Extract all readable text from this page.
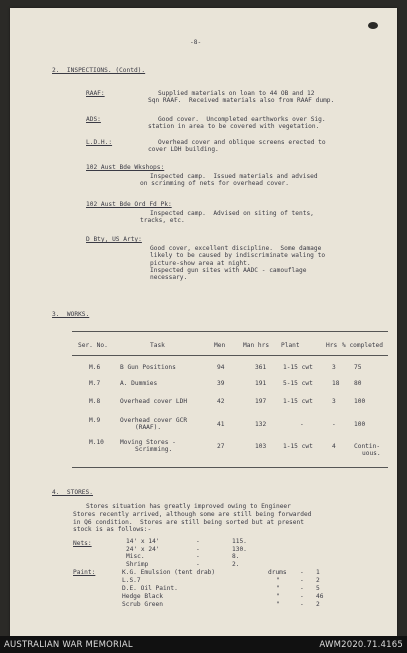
-8-
2.  INSPECTIONS. (Contd).
RAAF:	Supplied materials on loan to 44 OB and 12
Sqn RAAF.  Received materials also from RAAF dump.
ADS:	Good cover.  Uncompleted earthworks over Sig.
station in area to be covered with vegetation.
L.D.H.:	Overhead cover and oblique screens erected to
cover LDH building.
102 Aust Bde Wkshops:
Inspected camp.  Issued materials and advised
on scrimming of nets for overhead cover.
102 Aust Bde Ord Fd Pk:
Inspected camp.  Advised on siting of tents,
tracks, etc.
D Bty, US Arty:
Good cover, excellent discipline.  Some damage
likely to be caused by indiscriminate waling to
picture-show area at night.
Inspected gun sites with AADC - camouflage
necessary.
3.  WORKS.
Ser. No.	Task	Men	Man hrs Plant	Hrs % completed
M.6	B Gun Positions	94	361	1-15 cwt	3	75
M.7	A. Dummies	39	191	5-15 cwt	18 80
M.8	Overhead cover LDH	42	197	1-15 cwt	3	100
M.9	Overhead cover GCR
(RAAF).	41	132	-	-	100
M.10	Moving Stores -
Scrimming.	27	103	1-15 cwt	4	Contin-
uous.
4.  STORES.
Stores situation has greatly improved owing to Engineer
Stores recently arrived, although some are still being forwarded
in Q6 condition.  Stores are still being sorted but at present
stock is as follows:-
Nets:	14' x 14'	-	115.
24' x 24'	-	130.
Misc.	-	8.
Shrimp	-	2.
Paint:	K.G. Emulsion (tent drab)	drums - 1
L.S.7	"	- 2
D.E. Oil Paint.	"	- 5
Hedge Black	"	- 46
Scrub Green	"	- 2
AUSTRALIAN WAR MEMORIAL	AWM2020.71.4165
